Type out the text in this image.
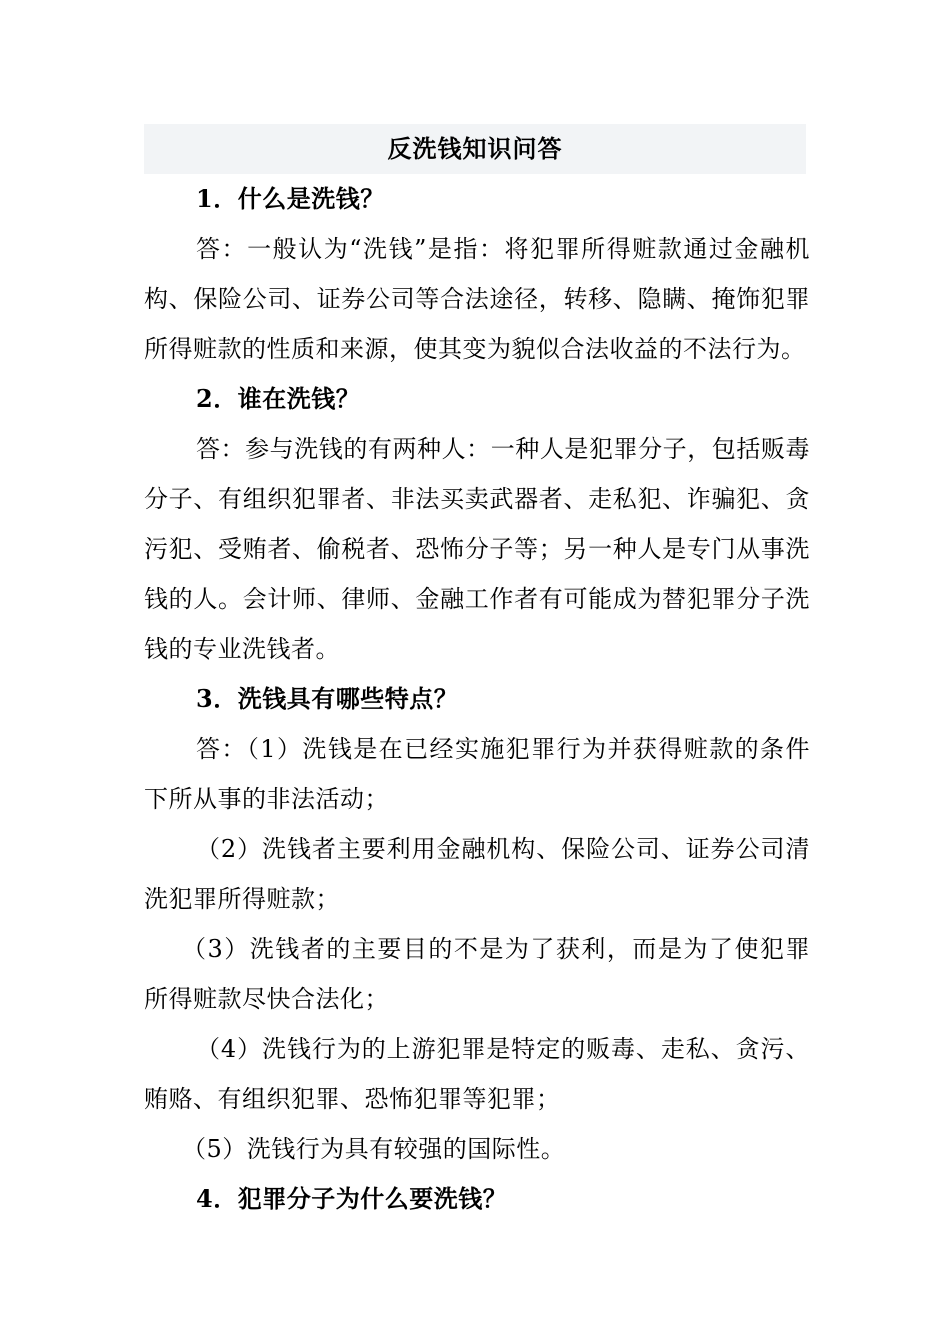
反洗钱知识问答

1．什么是洗钱？

答：一般认为“洗钱”是指：将犯罪所得赃款通过金融机构、保险公司、证券公司等合法途径，转移、隐瞒、掩饰犯罪所得赃款的性质和来源，使其变为貌似合法收益的不法行为。

2．谁在洗钱？

答：参与洗钱的有两种人：一种人是犯罪分子，包括贩毒分子、有组织犯罪者、非法买卖武器者、走私犯、诈骗犯、贪污犯、受贿者、偷税者、恐怖分子等；另一种人是专门从事洗钱的人。会计师、律师、金融工作者有可能成为替犯罪分子洗钱的专业洗钱者。

3．洗钱具有哪些特点？

答：（1）洗钱是在已经实施犯罪行为并获得赃款的条件下所从事的非法活动；

（2）洗钱者主要利用金融机构、保险公司、证券公司清洗犯罪所得赃款；

（3）洗钱者的主要目的不是为了获利，而是为了使犯罪所得赃款尽快合法化；

（4）洗钱行为的上游犯罪是特定的贩毒、走私、贪污、贿赂、有组织犯罪、恐怖犯罪等犯罪；

（5）洗钱行为具有较强的国际性。

4．犯罪分子为什么要洗钱？
